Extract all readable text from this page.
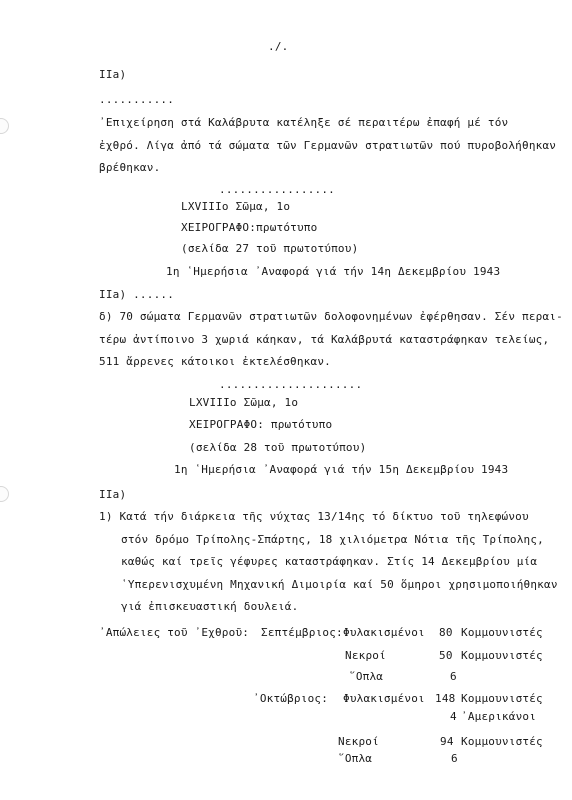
./.
IIa)
...........
᾿Επιχείρηση στά Καλάβρυτα κατέληξε σέ περαιτέρω ἐπαφή μέ τόν
ἐχθρό. Λίγα ἀπό τά σώματα τῶν Γερμανῶν στρατιωτῶν πού πυροβολήθηκαν
βρέθηκαν.
.................
LXVIIIo Σῶμα, 1ο
ΧΕΙΡΟΓΡΑΦΟ:πρωτότυπο
(σελίδα 27 τοῦ πρωτοτύπου)
1η ῾Ημερήσια ᾿Αναφορά γιά τήν 14η Δεκεμβρίου 1943
IIa) ......
δ) 70 σώματα Γερμανῶν στρατιωτῶν δολοφονημένων ἐφέρθησαν. Σέν περαι-
τέρω ἀντίποινο 3 χωριά κάηκαν, τά Καλάβρυτά καταστράφηκαν τελείως,
511 ἄρρενες κάτοικοι ἐκτελέσθηκαν.
.....................
LXVIIIo Σῶμα, 1ο
ΧΕΙΡΟΓΡΑΦΟ: πρωτότυπο
(σελίδα 28 τοῦ πρωτοτύπου)
1η ῾Ημερήσια ᾿Αναφορά γιά τήν 15η Δεκεμβρίου 1943
IIa)
1) Κατά τήν διάρκεια τῆς νύχτας 13/14ης τό δίκτυο τοῦ τηλεφώνου
στόν δρόμο Τρίπολης-Σπάρτης, 18 χιλιόμετρα Νότια τῆς Τρίπολης,
καθώς καί τρεῖς γέφυρες καταστράφηκαν. Στίς 14 Δεκεμβρίου μία
῾Υπερενισχυμένη Μηχανική Διμοιρία καί 50 ὅμηροι χρησιμοποιήθηκαν
γιά ἐπισκευαστική δουλειά.
᾿Απώλειες τοῦ ᾿Εχθροῦ: Σεπτέμβριος: Φυλακισμένοι 80 Κομμουνιστές
Νεκροί	50 Κομμουνιστές
῞Οπλα	6
᾿Οκτώβριος: Φυλακισμένοι 148 Κομμουνιστές
4 ᾿Αμερικάνοι
Νεκροί	94 Κομμουνιστές
῞Οπλα	6
